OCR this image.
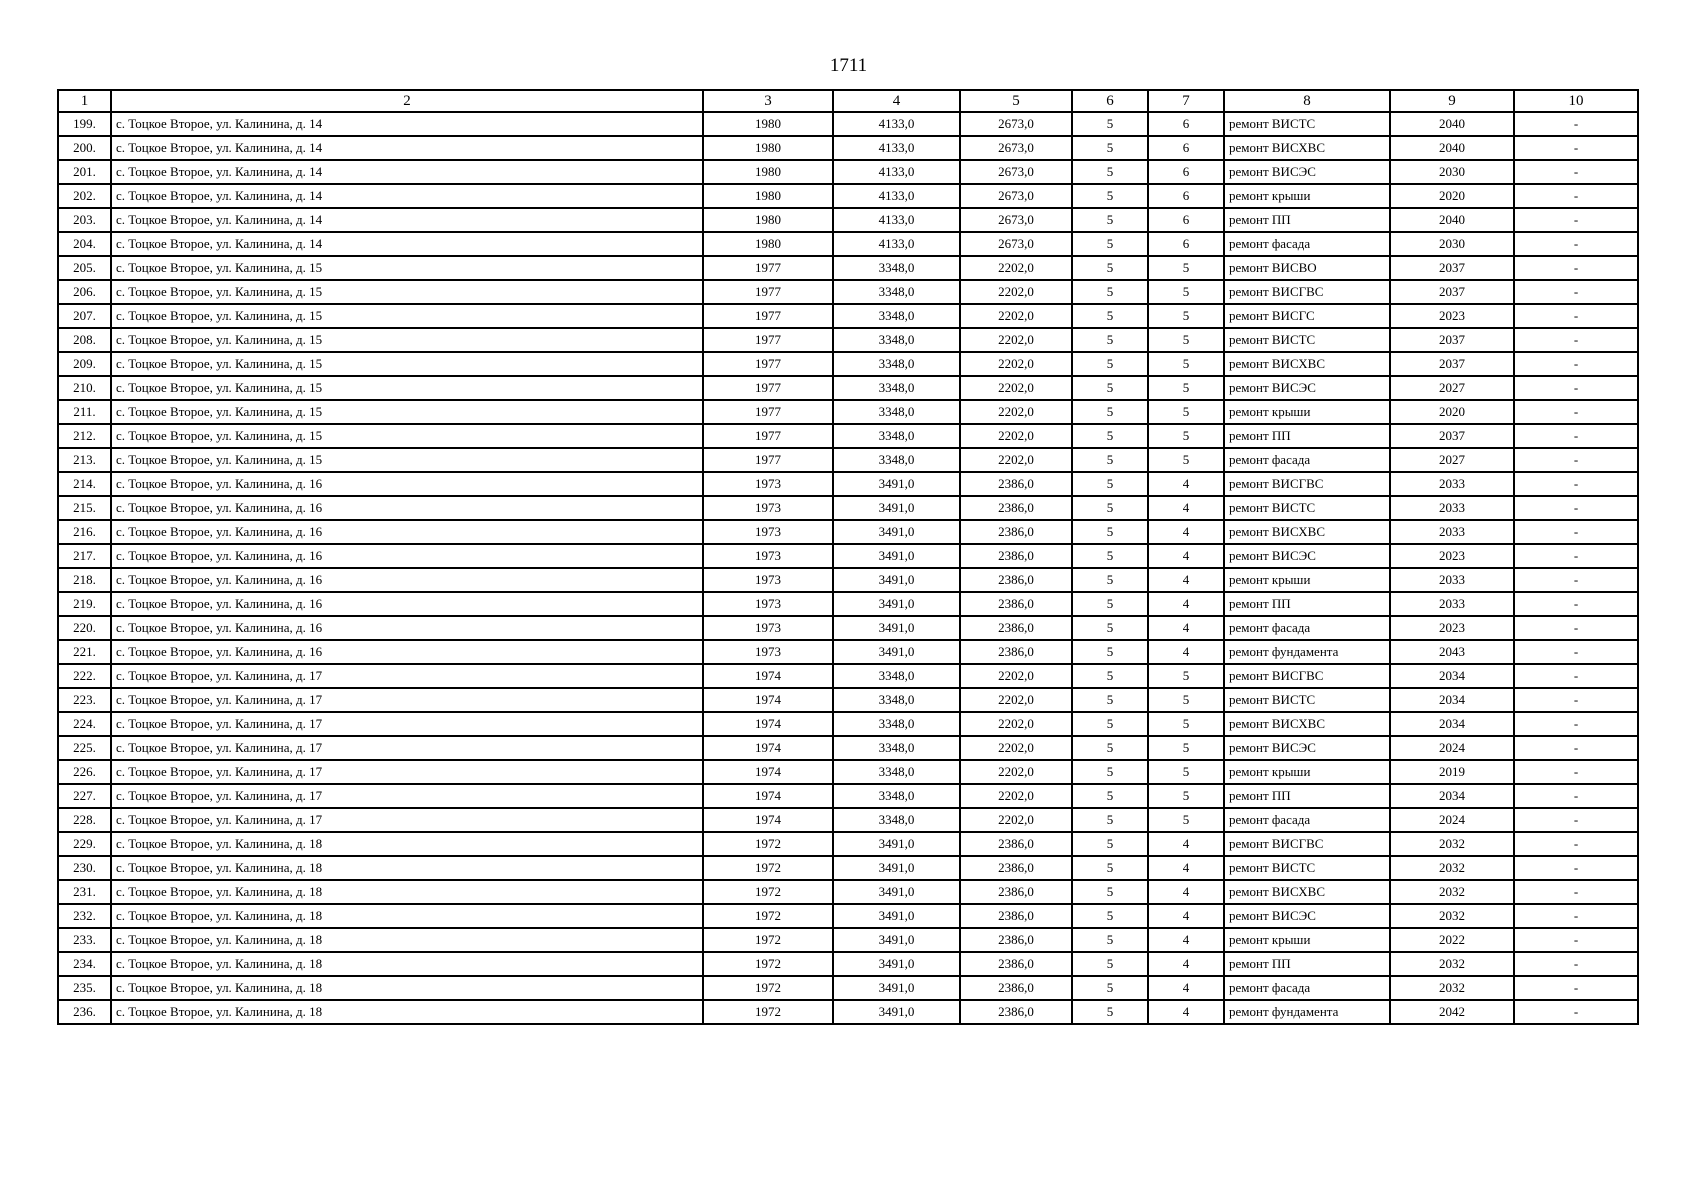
1711
1	2	3	4	5	6	7	8	9	10
199.	с. Тоцкое Второе, ул. Калинина, д. 14	1980	4133,0	2673,0	5	6	ремонт ВИСТС	2040	-
200.	с. Тоцкое Второе, ул. Калинина, д. 14	1980	4133,0	2673,0	5	6	ремонт ВИСХВС	2040	-
201.	с. Тоцкое Второе, ул. Калинина, д. 14	1980	4133,0	2673,0	5	6	ремонт ВИСЭС	2030	-
202.	с. Тоцкое Второе, ул. Калинина, д. 14	1980	4133,0	2673,0	5	6	ремонт крыши	2020	-
203.	с. Тоцкое Второе, ул. Калинина, д. 14	1980	4133,0	2673,0	5	6	ремонт ПП	2040	-
204.	с. Тоцкое Второе, ул. Калинина, д. 14	1980	4133,0	2673,0	5	6	ремонт фасада	2030	-
205.	с. Тоцкое Второе, ул. Калинина, д. 15	1977	3348,0	2202,0	5	5	ремонт ВИСВО	2037	-
206.	с. Тоцкое Второе, ул. Калинина, д. 15	1977	3348,0	2202,0	5	5	ремонт ВИСГВС	2037	-
207.	с. Тоцкое Второе, ул. Калинина, д. 15	1977	3348,0	2202,0	5	5	ремонт ВИСГС	2023	-
208.	с. Тоцкое Второе, ул. Калинина, д. 15	1977	3348,0	2202,0	5	5	ремонт ВИСТС	2037	-
209.	с. Тоцкое Второе, ул. Калинина, д. 15	1977	3348,0	2202,0	5	5	ремонт ВИСХВС	2037	-
210.	с. Тоцкое Второе, ул. Калинина, д. 15	1977	3348,0	2202,0	5	5	ремонт ВИСЭС	2027	-
211.	с. Тоцкое Второе, ул. Калинина, д. 15	1977	3348,0	2202,0	5	5	ремонт крыши	2020	-
212.	с. Тоцкое Второе, ул. Калинина, д. 15	1977	3348,0	2202,0	5	5	ремонт ПП	2037	-
213.	с. Тоцкое Второе, ул. Калинина, д. 15	1977	3348,0	2202,0	5	5	ремонт фасада	2027	-
214.	с. Тоцкое Второе, ул. Калинина, д. 16	1973	3491,0	2386,0	5	4	ремонт ВИСГВС	2033	-
215.	с. Тоцкое Второе, ул. Калинина, д. 16	1973	3491,0	2386,0	5	4	ремонт ВИСТС	2033	-
216.	с. Тоцкое Второе, ул. Калинина, д. 16	1973	3491,0	2386,0	5	4	ремонт ВИСХВС	2033	-
217.	с. Тоцкое Второе, ул. Калинина, д. 16	1973	3491,0	2386,0	5	4	ремонт ВИСЭС	2023	-
218.	с. Тоцкое Второе, ул. Калинина, д. 16	1973	3491,0	2386,0	5	4	ремонт крыши	2033	-
219.	с. Тоцкое Второе, ул. Калинина, д. 16	1973	3491,0	2386,0	5	4	ремонт ПП	2033	-
220.	с. Тоцкое Второе, ул. Калинина, д. 16	1973	3491,0	2386,0	5	4	ремонт фасада	2023	-
221.	с. Тоцкое Второе, ул. Калинина, д. 16	1973	3491,0	2386,0	5	4	ремонт фундамента	2043	-
222.	с. Тоцкое Второе, ул. Калинина, д. 17	1974	3348,0	2202,0	5	5	ремонт ВИСГВС	2034	-
223.	с. Тоцкое Второе, ул. Калинина, д. 17	1974	3348,0	2202,0	5	5	ремонт ВИСТС	2034	-
224.	с. Тоцкое Второе, ул. Калинина, д. 17	1974	3348,0	2202,0	5	5	ремонт ВИСХВС	2034	-
225.	с. Тоцкое Второе, ул. Калинина, д. 17	1974	3348,0	2202,0	5	5	ремонт ВИСЭС	2024	-
226.	с. Тоцкое Второе, ул. Калинина, д. 17	1974	3348,0	2202,0	5	5	ремонт крыши	2019	-
227.	с. Тоцкое Второе, ул. Калинина, д. 17	1974	3348,0	2202,0	5	5	ремонт ПП	2034	-
228.	с. Тоцкое Второе, ул. Калинина, д. 17	1974	3348,0	2202,0	5	5	ремонт фасада	2024	-
229.	с. Тоцкое Второе, ул. Калинина, д. 18	1972	3491,0	2386,0	5	4	ремонт ВИСГВС	2032	-
230.	с. Тоцкое Второе, ул. Калинина, д. 18	1972	3491,0	2386,0	5	4	ремонт ВИСТС	2032	-
231.	с. Тоцкое Второе, ул. Калинина, д. 18	1972	3491,0	2386,0	5	4	ремонт ВИСХВС	2032	-
232.	с. Тоцкое Второе, ул. Калинина, д. 18	1972	3491,0	2386,0	5	4	ремонт ВИСЭС	2032	-
233.	с. Тоцкое Второе, ул. Калинина, д. 18	1972	3491,0	2386,0	5	4	ремонт крыши	2022	-
234.	с. Тоцкое Второе, ул. Калинина, д. 18	1972	3491,0	2386,0	5	4	ремонт ПП	2032	-
235.	с. Тоцкое Второе, ул. Калинина, д. 18	1972	3491,0	2386,0	5	4	ремонт фасада	2032	-
236.	с. Тоцкое Второе, ул. Калинина, д. 18	1972	3491,0	2386,0	5	4	ремонт фундамента	2042	-
